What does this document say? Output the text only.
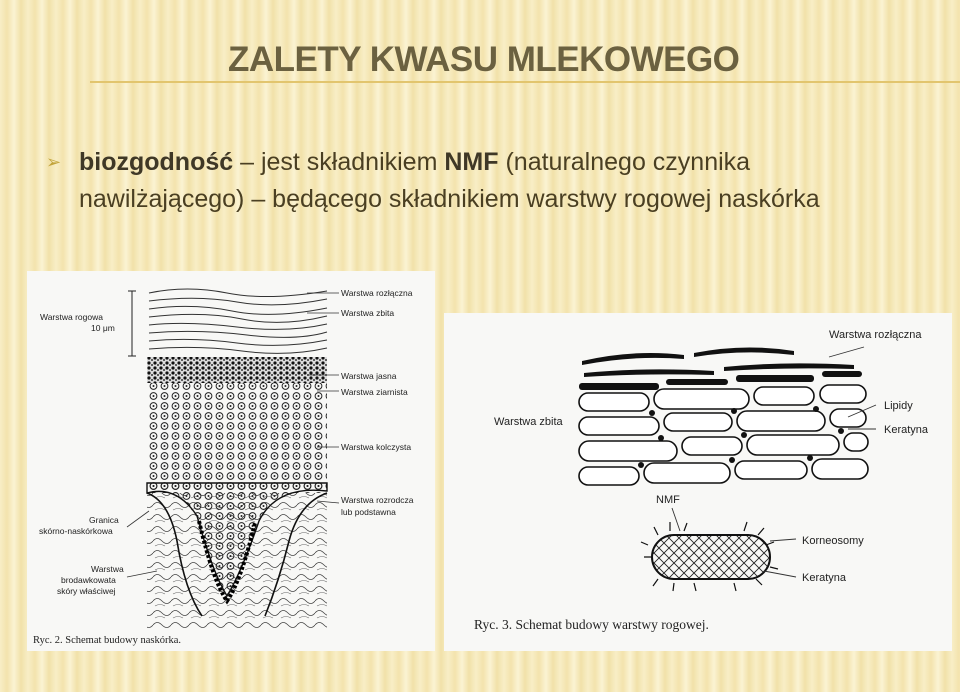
ZALETY KWASU MLEKOWEGO
➢ biozgodność – jest składnikiem NMF (naturalnego czynnika nawilżającego) – będącego składnikiem warstwy rogowej naskórka

Warstwa rogowa
10 μm
Warstwa rozłączna
Warstwa zbita
Warstwa jasna
Warstwa ziarnista
Warstwa kolczysta
Warstwa rozrodcza
lub podstawna
Granica
skórno-naskórkowa
Warstwa
brodawkowata
skóry właściwej
Ryc. 2. Schemat budowy naskórka.
Warstwa rozłączna
Warstwa zbita
Lipidy
Keratyna
NMF
Korneosomy
Keratyna
Ryc. 3. Schemat budowy warstwy rogowej.
